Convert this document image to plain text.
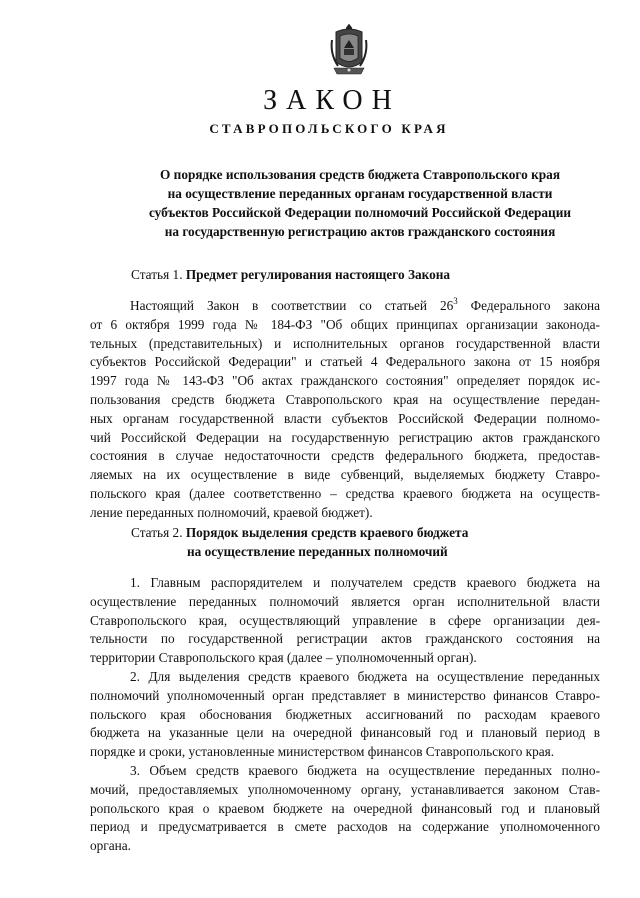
ЗАКОН
СТАВРОПОЛЬСКОГО КРАЯ
О порядке использования средств бюджета Ставропольского края
на осуществление переданных органам государственной власти
субъектов Российской Федерации полномочий Российской Федерации
на государственную регистрацию актов гражданского состояния
Статья 1. Предмет регулирования настоящего Закона
Настоящий Закон в соответствии со статьей $26^3$ Федерального закона
от 6 октября 1999 года № 184-ФЗ "Об общих принципах организации законода-
тельных (представительных) и исполнительных органов государственной власти
субъектов Российской Федерации" и статьей 4 Федерального закона от 15 ноября
1997 года № 143-ФЗ "Об актах гражданского состояния" определяет порядок ис-
пользования средств бюджета Ставропольского края на осуществление передан-
ных органам государственной власти субъектов Российской Федерации полномо-
чий Российской Федерации на государственную регистрацию актов гражданского
состояния в случае недостаточности средств федерального бюджета, предостав-
ляемых на их осуществление в виде субвенций, выделяемых бюджету Ставро-
польского края (далее соответственно – средства краевого бюджета на осуществ-
ление переданных полномочий, краевой бюджет).
Статья 2. Порядок выделения средств краевого бюджета
на осуществление переданных полномочий
1. Главным распорядителем и получателем средств краевого бюджета на
осуществление переданных полномочий является орган исполнительной власти
Ставропольского края, осуществляющий управление в сфере организации дея-
тельности по государственной регистрации актов гражданского состояния на
территории Ставропольского края (далее – уполномоченный орган).
2. Для выделения средств краевого бюджета на осуществление переданных
полномочий уполномоченный орган представляет в министерство финансов Ставро-
польского края обоснования бюджетных ассигнований по расходам краевого
бюджета на указанные цели на очередной финансовый год и плановый период в
порядке и сроки, установленные министерством финансов Ставропольского края.
3. Объем средств краевого бюджета на осуществление переданных полно-
мочий, предоставляемых уполномоченному органу, устанавливается законом Став-
ропольского края о краевом бюджете на очередной финансовый год и плановый
период и предусматривается в смете расходов на содержание уполномоченного
органа.
